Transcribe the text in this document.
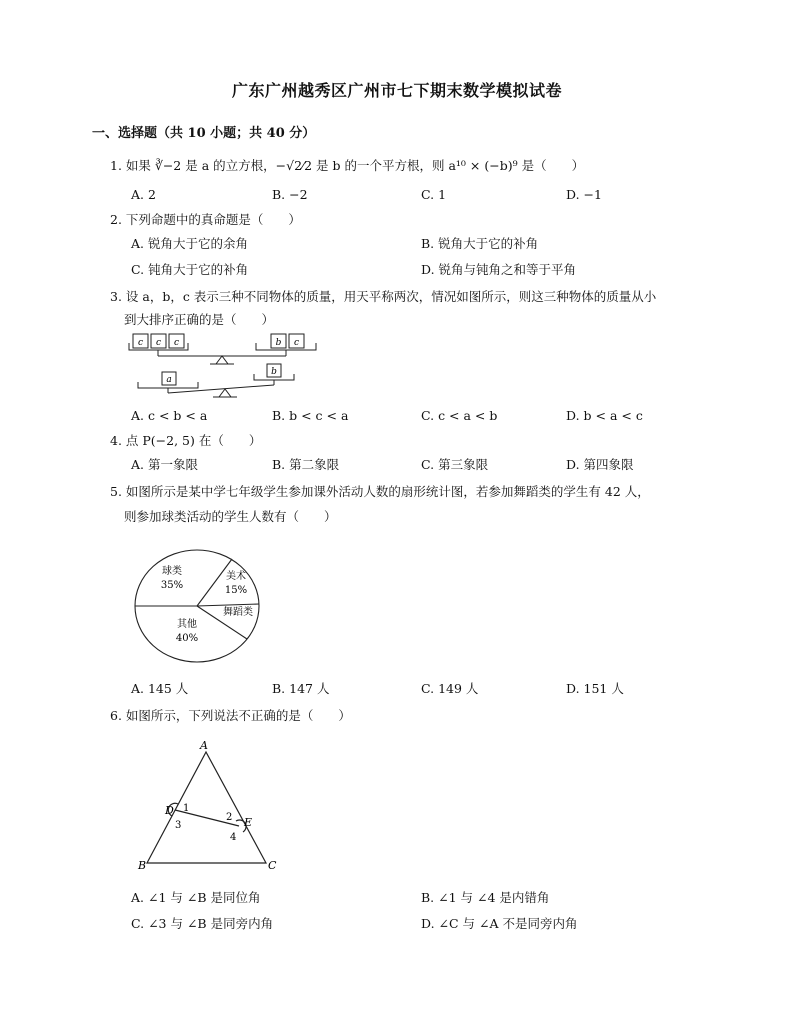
广东广州越秀区广州市七下期末数学模拟试卷
一、选择题（共 10 小题；共 40 分）
1. 如果 ∛−2 是 a 的立方根，−√2⁄2 是 b 的一个平方根，则 a¹⁰ × (−b)⁹ 是（　　）
A. 2	B. −2	C. 1	D. −1
2. 下列命题中的真命题是（　　）
A. 锐角大于它的余角	B. 锐角大于它的补角
C. 钝角大于它的补角	D. 锐角与钝角之和等于平角
3. 设 a，b，c 表示三种不同物体的质量，用天平称两次，情况如图所示，则这三种物体的质量从小
到大排序正确的是（　　）
c c c	b c
a
b
A. c < b < a	B. b < c < a	C. c < a < b	D. b < a < c
4. 点 P(−2, 5) 在（　　）
A. 第一象限	B. 第二象限	C. 第三象限	D. 第四象限
5. 如图所示是某中学七年级学生参加课外活动人数的扇形统计图，若参加舞蹈类的学生有 42 人，
则参加球类活动的学生人数有（　　）
球类
35%
美术
15%
舞蹈类
其他
40%
A. 145 人	B. 147 人	C. 149 人	D. 151 人
6. 如图所示，下列说法不正确的是（　　）
A
B	C
D
E
1
2
3
4
A. ∠1 与 ∠B 是同位角	B. ∠1 与 ∠4 是内错角
C. ∠3 与 ∠B 是同旁内角	D. ∠C 与 ∠A 不是同旁内角
